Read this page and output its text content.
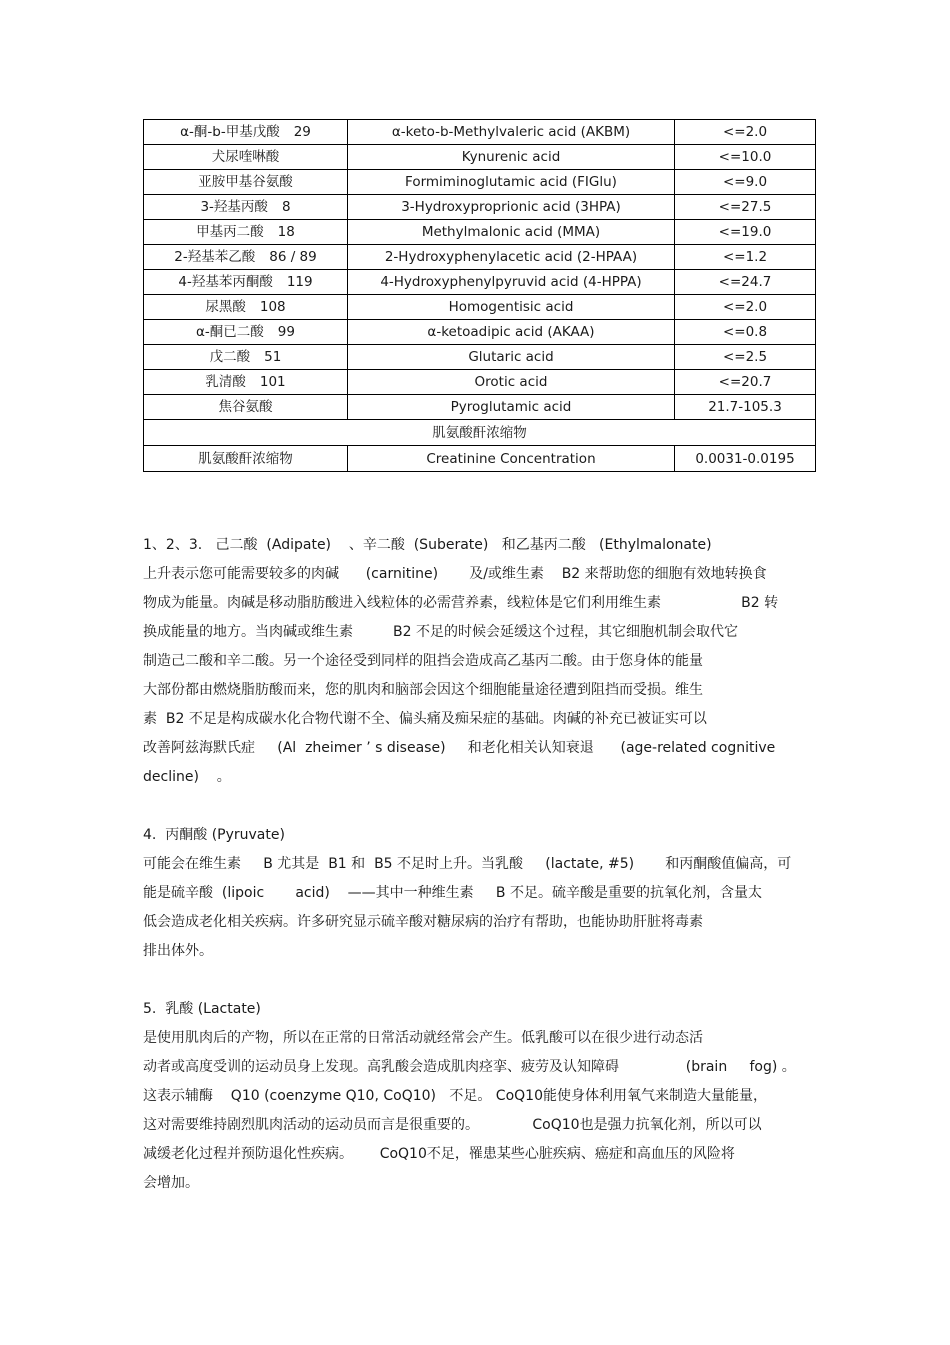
α-酮-b-甲基戊酸 29	α-keto-b-Methylvaleric acid (AKBM)	<=2.0
犬尿喹啉酸	Kynurenic acid	<=10.0
亚胺甲基谷氨酸	Formiminoglutamic acid (FIGlu)	<=9.0
3-羟基丙酸 8	3-Hydroxyproprionic acid (3HPA)	<=27.5
甲基丙二酸 18	Methylmalonic acid (MMA)	<=19.0
2-羟基苯乙酸 86 / 89	2-Hydroxyphenylacetic acid (2-HPAA)	<=1.2
4-羟基苯丙酮酸 119	4-Hydroxyphenylpyruvid acid (4-HPPA)	<=24.7
尿黑酸 108	Homogentisic acid	<=2.0
α-酮已二酸 99	α-ketoadipic acid (AKAA)	<=0.8
戊二酸 51	Glutaric acid	<=2.5
乳清酸 101	Orotic acid	<=20.7
焦谷氨酸	Pyroglutamic acid	21.7-105.3
肌氨酸酐浓缩物		
肌氨酸酐浓缩物	Creatinine Concentration	0.0031-0.0195

1、2、3.   己二酸  (Adipate)    、辛二酸  (Suberate)   和乙基丙二酸   (Ethylmalonate)

上升表示您可能需要较多的肉碱      (carnitine)       及/或维生素    B2 来帮助您的细胞有效地转换食

物成为能量。肉碱是移动脂肪酸进入线粒体的必需营养素，线粒体是它们利用维生素                  B2 转

换成能量的地方。当肉碱或维生素         B2 不足的时候会延缓这个过程，其它细胞机制会取代它

制造己二酸和辛二酸。另一个途径受到同样的阻挡会造成高乙基丙二酸。由于您身体的能量

大部份都由燃烧脂肪酸而来，您的肌肉和脑部会因这个细胞能量途径遭到阻挡而受损。维生

素  B2 不足是构成碳水化合物代谢不全、偏头痛及痴呆症的基础。肉碱的补充已被证实可以

改善阿兹海默氏症     (Al  zheimer ’ s disease)     和老化相关认知衰退      (age-related cognitive

decline)    。

4.  丙酮酸 (Pyruvate)

可能会在维生素     B 尤其是  B1 和  B5 不足时上升。当乳酸     (lactate, #5)       和丙酮酸值偏高，可

能是硫辛酸  (lipoic       acid)    ——其中一种维生素     B 不足。硫辛酸是重要的抗氧化剂，含量太

低会造成老化相关疾病。许多研究显示硫辛酸对糖尿病的治疗有帮助，也能协助肝脏将毒素

排出体外。

5.  乳酸 (Lactate)

是使用肌肉后的产物，所以在正常的日常活动就经常会产生。低乳酸可以在很少进行动态活

动者或高度受训的运动员身上发现。高乳酸会造成肌肉痉挛、疲劳及认知障碍               (brain     fog) 。

这表示辅酶    Q10 (coenzyme Q10, CoQ10)   不足。 CoQ10能使身体利用氧气来制造大量能量，

这对需要维持剧烈肌肉活动的运动员而言是很重要的。            CoQ10也是强力抗氧化剂，所以可以

减缓老化过程并预防退化性疾病。      CoQ10不足，罹患某些心脏疾病、癌症和高血压的风险将

会增加。
